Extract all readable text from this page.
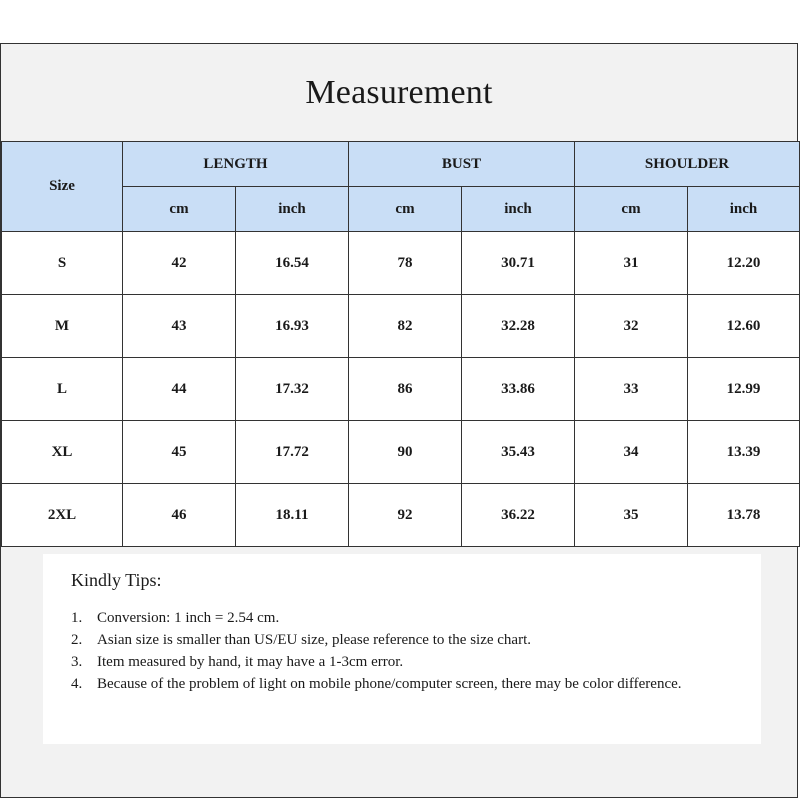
Measurement
Size	LENGTH		BUST		SHOULDER	
	cm	inch	cm	inch	cm	inch
S	42	16.54	78	30.71	31	12.20
M	43	16.93	82	32.28	32	12.60
L	44	17.32	86	33.86	33	12.99
XL	45	17.72	90	35.43	34	13.39
2XL	46	18.11	92	36.22	35	13.78
Kindly Tips:
1. Conversion: 1 inch = 2.54 cm.
2. Asian size is smaller than US/EU size, please reference to the size chart.
3. Item measured by hand, it may have a 1-3cm error.
4. Because of the problem of light on mobile phone/computer screen, there may be color difference.
